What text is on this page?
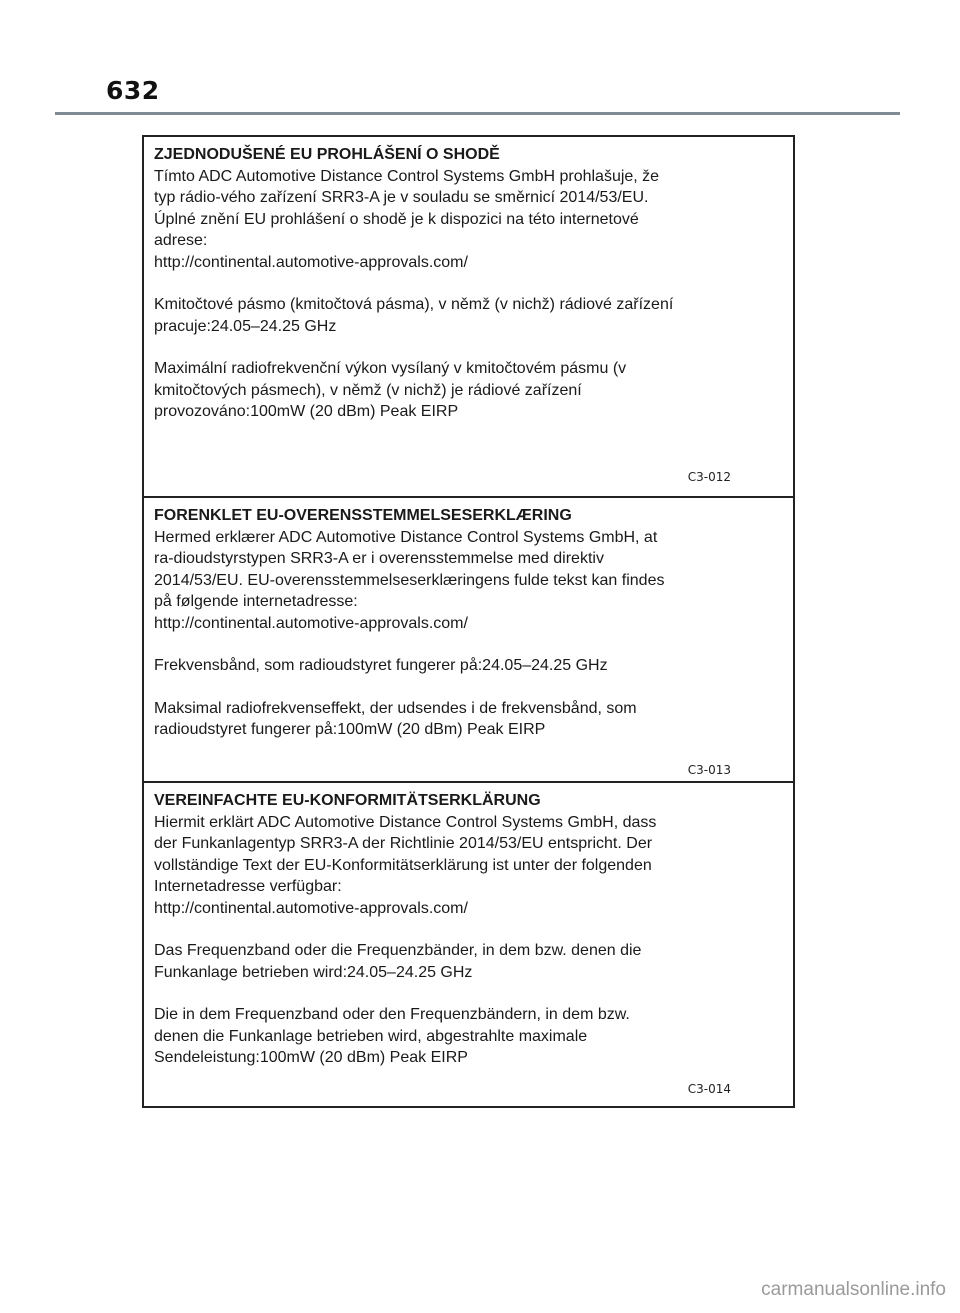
632

ZJEDNODUŠENÉ EU PROHLÁŠENÍ O SHODĚ

Tímto ADC Automotive Distance Control Systems GmbH prohlašuje, že
typ rádio-vého zařízení SRR3-A je v souladu se směrnicí 2014/53/EU.
Úplné znění EU prohlášení o shodě je k dispozici na této internetové
adrese:
http://continental.automotive-approvals.com/

Kmitočtové pásmo (kmitočtová pásma), v němž (v nichž) rádiové zařízení
pracuje:24.05–24.25 GHz

Maximální radiofrekvenční výkon vysílaný v kmitočtovém pásmu (v
kmitočtových pásmech), v němž (v nichž) je rádiové zařízení
provozováno:100mW (20 dBm) Peak EIRP

C3-012

FORENKLET EU-OVERENSSTEMMELSESERKLÆRING

Hermed erklærer ADC Automotive Distance Control Systems GmbH, at
ra-dioudstyrstypen SRR3-A er i overensstemmelse med direktiv
2014/53/EU. EU-overensstemmelseserklæringens fulde tekst kan findes
på følgende internetadresse:
http://continental.automotive-approvals.com/

Frekvensbånd, som radioudstyret fungerer på:24.05–24.25 GHz

Maksimal radiofrekvenseffekt, der udsendes i de frekvensbånd, som
radioudstyret fungerer på:100mW (20 dBm) Peak EIRP

C3-013

VEREINFACHTE EU-KONFORMITÄTSERKLÄRUNG

Hiermit erklärt ADC Automotive Distance Control Systems GmbH, dass
der Funkanlagentyp SRR3-A der Richtlinie 2014/53/EU entspricht. Der
vollständige Text der EU-Konformitätserklärung ist unter der folgenden
Internetadresse verfügbar:
http://continental.automotive-approvals.com/

Das Frequenzband oder die Frequenzbänder, in dem bzw. denen die
Funkanlage betrieben wird:24.05–24.25 GHz

Die in dem Frequenzband oder den Frequenzbändern, in dem bzw.
denen die Funkanlage betrieben wird, abgestrahlte maximale
Sendeleistung:100mW (20 dBm) Peak EIRP

C3-014
carmanualsonline.info
